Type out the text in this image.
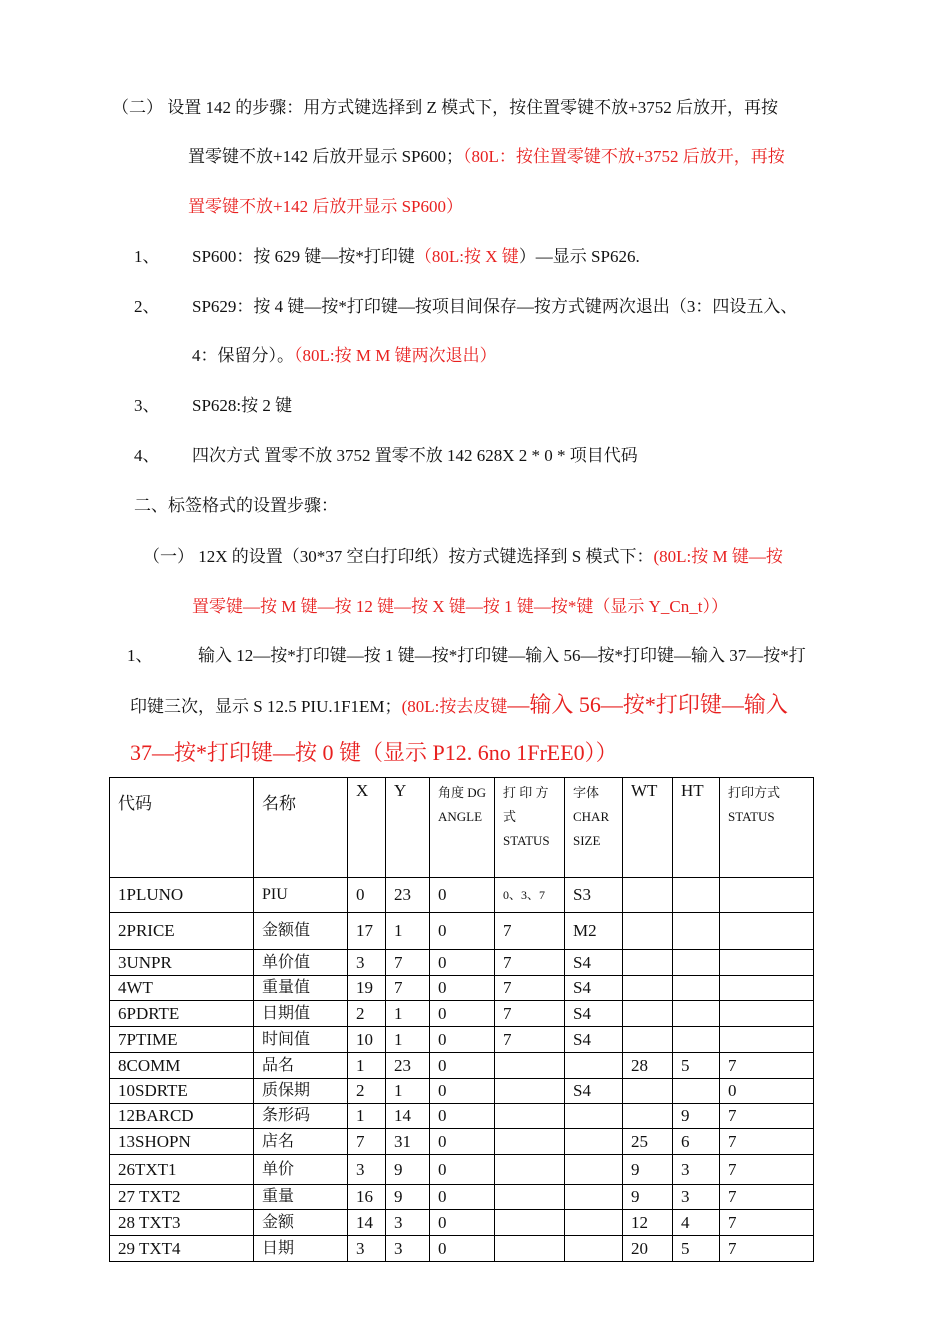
（二） 设置 142 的步骤：用方式键选择到 Z 模式下，按住置零键不放+3752 后放开，再按
置零键不放+142 后放开显示 SP600；（80L：按住置零键不放+3752 后放开，再按
置零键不放+142 后放开显示 SP600）
1、 SP600：按 629 键—按*打印键（80L:按 X 键）—显示 SP626.
2、 SP629：按 4 键—按*打印键—按项目间保存—按方式键两次退出（3：四设五入、
4：保留分）。（80L:按 M M 键两次退出）
3、 SP628:按 2 键
4、 四次方式 置零不放 3752 置零不放 142 628X 2 * 0 * 项目代码
二、标签格式的设置步骤：
（一） 12X 的设置（30*37 空白打印纸）按方式键选择到 S 模式下：(80L:按 M 键—按
置零键—按 M 键—按 12 键—按 X 键—按 1 键—按*键（显示 Y_Cn_t））
1、	输入 12—按*打印键—按 1 键—按*打印键—输入 56—按*打印键—输入 37—按*打
印键三次，显示 S 12.5 PIU.1F1EM；(80L:按去皮键—输入 56—按*打印键—输入
37—按*打印键—按 0 键（显示 P12. 6no 1FrEE0））
代码	名称	X	Y	角度 DG ANGLE	打 印 方 式 STATUS	字体 CHAR SIZE	WT	HT	打印方式 STATUS
1PLUNO	PIU	0	23	0	0、3、7	S3			
2PRICE	金额值	17	1	0	7	M2			
3UNPR	单价值	3	7	0	7	S4			
4WT	重量值	19	7	0	7	S4			
6PDRTE	日期值	2	1	0	7	S4			
7PTIME	时间值	10	1	0	7	S4			
8COMM	品名	1	23	0			28	5	7
10SDRTE	质保期	2	1	0		S4			0
12BARCD	条形码	1	14	0				9	7
13SHOPN	店名	7	31	0			25	6	7
26TXT1	单价	3	9	0			9	3	7
27 TXT2	重量	16	9	0			9	3	7
28 TXT3	金额	14	3	0			12	4	7
29 TXT4	日期	3	3	0			20	5	7
